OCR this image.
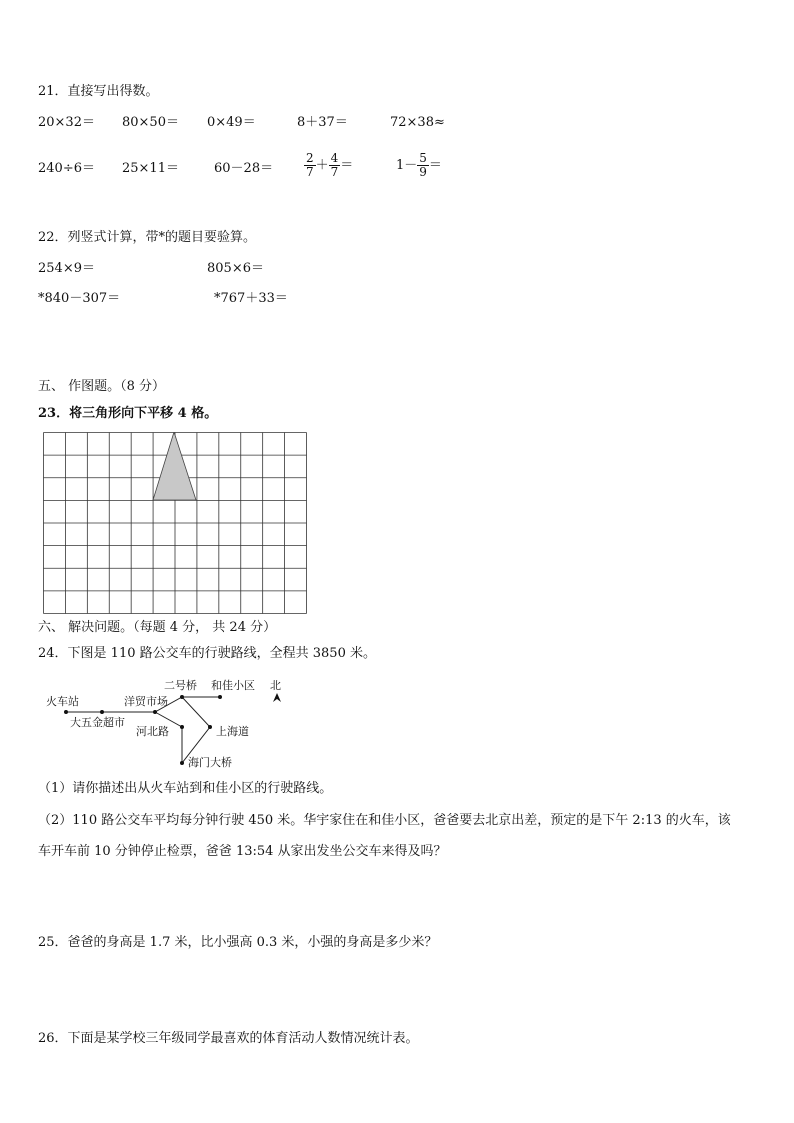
21．直接写出得数。
20×32＝ 80×50＝ 0×49＝	8＋37＝	72×38≈
240÷6＝ 25×11＝	60－28＝	$\frac{2}{7} + \frac{4}{7}$ ＝	$1- \frac{5}{9}$ ＝
22．列竖式计算，带*的题目要验算。
254×9＝	805×6＝
*840－307＝	*767＋33＝
五、 作图题。（8 分）
23．将三角形向下平移 4 格。
六、 解决问题。（每题 4 分， 共 24 分）
24．下图是 110 路公交车的行驶路线，全程共 3850 米。
火车站
大五金超市
洋贸市场
二号桥 和佳小区
河北路	上海道
海门大桥
北
（1）请你描述出从火车站到和佳小区的行驶路线。
（2）110 路公交车平均每分钟行驶 450 米。华宇家住在和佳小区，爸爸要去北京出差，预定的是下午 2:13 的火车，该
车开车前 10 分钟停止检票，爸爸 13:54 从家出发坐公交车来得及吗？
25．爸爸的身高是 1.7 米，比小强高 0.3 米，小强的身高是多少米？
26．下面是某学校三年级同学最喜欢的体育活动人数情况统计表。
